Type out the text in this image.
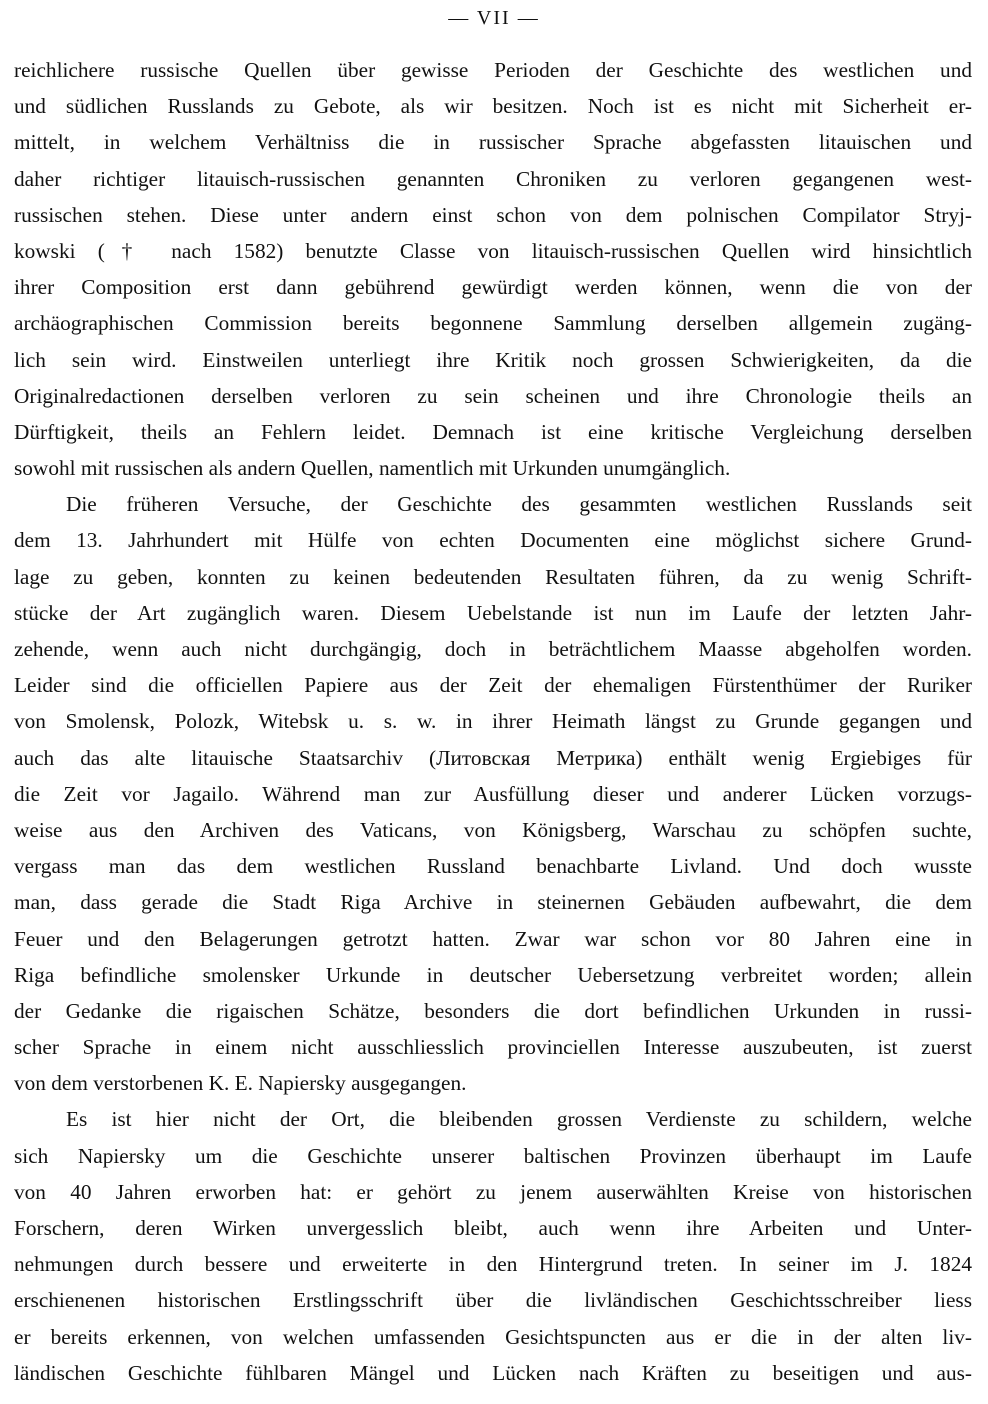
— VII —
reichlichere russische Quellen über gewisse Perioden der Geschichte des westlichen und
und südlichen Russlands zu Gebote, als wir besitzen. Noch ist es nicht mit Sicherheit er-
mittelt, in welchem Verhältniss die in russischer Sprache abgefassten litauischen und
daher richtiger litauisch-russischen genannten Chroniken zu verloren gegangenen west-
russischen stehen. Diese unter andern einst schon von dem polnischen Compilator Stryj-
kowski († nach 1582) benutzte Classe von litauisch-russischen Quellen wird hinsichtlich
ihrer Composition erst dann gebührend gewürdigt werden können, wenn die von der
archäographischen Commission bereits begonnene Sammlung derselben allgemein zugäng-
lich sein wird. Einstweilen unterliegt ihre Kritik noch grossen Schwierigkeiten, da die
Originalredactionen derselben verloren zu sein scheinen und ihre Chronologie theils an
Dürftigkeit, theils an Fehlern leidet. Demnach ist eine kritische Vergleichung derselben
sowohl mit russischen als andern Quellen, namentlich mit Urkunden unumgänglich.
Die früheren Versuche, der Geschichte des gesammten westlichen Russlands seit
dem 13. Jahrhundert mit Hülfe von echten Documenten eine möglichst sichere Grund-
lage zu geben, konnten zu keinen bedeutenden Resultaten führen, da zu wenig Schrift-
stücke der Art zugänglich waren. Diesem Uebelstande ist nun im Laufe der letzten Jahr-
zehende, wenn auch nicht durchgängig, doch in beträchtlichem Maasse abgeholfen worden.
Leider sind die officiellen Papiere aus der Zeit der ehemaligen Fürstenthümer der Ruriker
von Smolensk, Polozk, Witebsk u. s. w. in ihrer Heimath längst zu Grunde gegangen und
auch das alte litauische Staatsarchiv (Литовская Метрика) enthält wenig Ergiebiges für
die Zeit vor Jagailo. Während man zur Ausfüllung dieser und anderer Lücken vorzugs-
weise aus den Archiven des Vaticans, von Königsberg, Warschau zu schöpfen suchte,
vergass man das dem westlichen Russland benachbarte Livland. Und doch wusste
man, dass gerade die Stadt Riga Archive in steinernen Gebäuden aufbewahrt, die dem
Feuer und den Belagerungen getrotzt hatten. Zwar war schon vor 80 Jahren eine in
Riga befindliche smolensker Urkunde in deutscher Uebersetzung verbreitet worden; allein
der Gedanke die rigaischen Schätze, besonders die dort befindlichen Urkunden in russi-
scher Sprache in einem nicht ausschliesslich provinciellen Interesse auszubeuten, ist zuerst
von dem verstorbenen K. E. Napiersky ausgegangen.
Es ist hier nicht der Ort, die bleibenden grossen Verdienste zu schildern, welche
sich Napiersky um die Geschichte unserer baltischen Provinzen überhaupt im Laufe
von 40 Jahren erworben hat: er gehört zu jenem auserwählten Kreise von historischen
Forschern, deren Wirken unvergesslich bleibt, auch wenn ihre Arbeiten und Unter-
nehmungen durch bessere und erweiterte in den Hintergrund treten. In seiner im J. 1824
erschienenen historischen Erstlingsschrift über die livländischen Geschichtsschreiber liess
er bereits erkennen, von welchen umfassenden Gesichtspuncten aus er die in der alten liv-
ländischen Geschichte fühlbaren Mängel und Lücken nach Kräften zu beseitigen und aus-
